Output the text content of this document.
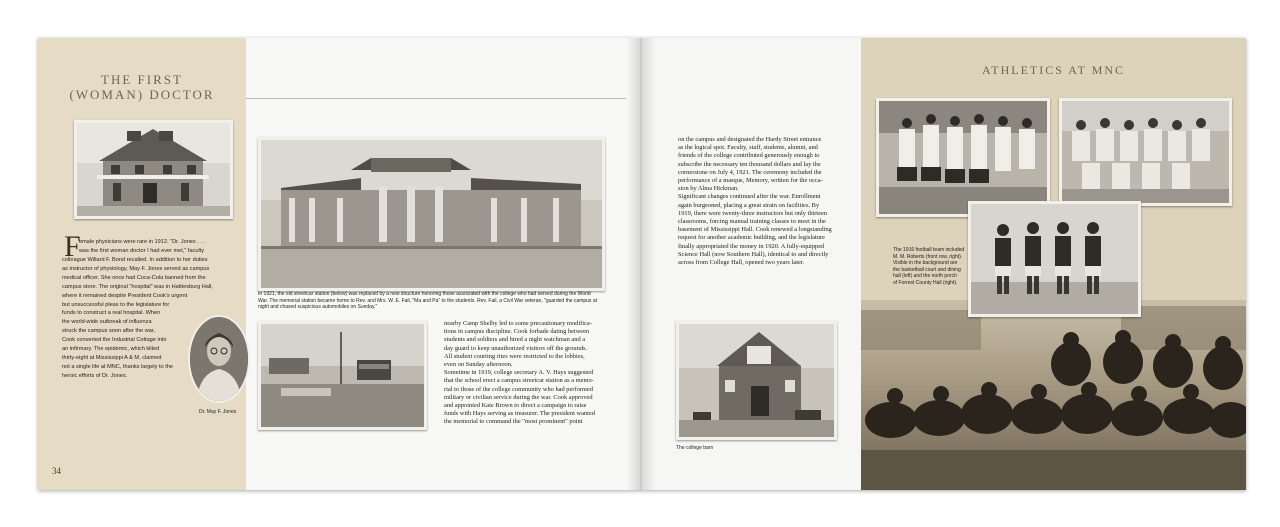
THE FIRST
(WOMAN) DOCTOR
F
emale physicians were rare in 1912. "Dr. Jones . . .
was the first woman doctor I had ever met," faculty
colleague Willard F. Bond recalled. In addition to her duties
as instructor of physiology, May F. Jones served as campus
medical officer. She once had Coca-Cola banned from the
campus store. The original "hospital" was in Hattiesburg Hall,
where it remained despite President Cook's urgent
but unsuccessful pleas to the legislature for
funds to construct a real hospital. When
the world-wide outbreak of influenza
struck the campus soon after the war,
Cook converted the Industrial Cottage into
an infirmary. The epidemic, which killed
thirty-eight at Mississippi A & M, claimed
not a single life at MNC, thanks largely to the
heroic efforts of Dr. Jones.
Dr. May F. Jones
34
In 1921, the old streetcar station (below) was replaced by a new structure honoring those associated with the college who had served during the World
War. The memorial station became home to Rev. and Mrs. W. E. Fail, "Ma and Pa" to the students. Rev. Fail, a Civil War veteran, "guarded the campus at
night and chased suspicious automobiles on Sunday."
nearby Camp Shelby led to some precautionary modifica-
tions in campus discipline. Cook forbade dating between
students and soldiers and hired a night watchman and a
day guard to keep unauthorized visitors off the grounds.
All student courting rites were restricted to the lobbies,
even on Sunday afternoon.
Sometime in 1919, college secretary A. V. Hays suggested
that the school erect a campus streetcar station as a memo-
rial to those of the college community who had performed
military or civilian service during the war. Cook approved
and appointed Kate Brown to direct a campaign to raise
funds with Hays serving as treasurer. The president wanted
the memorial to command the "most prominent" point
on the campus and designated the Hardy Street entrance
as the logical spot. Faculty, staff, students, alumni, and
friends of the college contributed generously enough to
subscribe the necessary ten thousand dollars and lay the
cornerstone on July 4, 1921. The ceremony included the
performance of a masque, Memory, written for the occa-
sion by Alma Hickman.
Significant changes continued after the war. Enrollment
again burgeoned, placing a great strain on facilities. By
1919, there were twenty-three instructors but only thirteen
classrooms, forcing manual training classes to meet in the
basement of Mississippi Hall. Cook renewed a longstanding
request for another academic building, and the legislature
finally appropriated the money in 1920. A fully-equipped
Science Hall (now Southern Hall), identical to and directly
across from College Hall, opened two years later.
The college barn
ATHLETICS AT MNC
The 1916 football team included
M. M. Roberts (front row, right).
Visible in the background are
the basketball court and dining
hall (left) and the north porch
of Forrest County Hall (right).
